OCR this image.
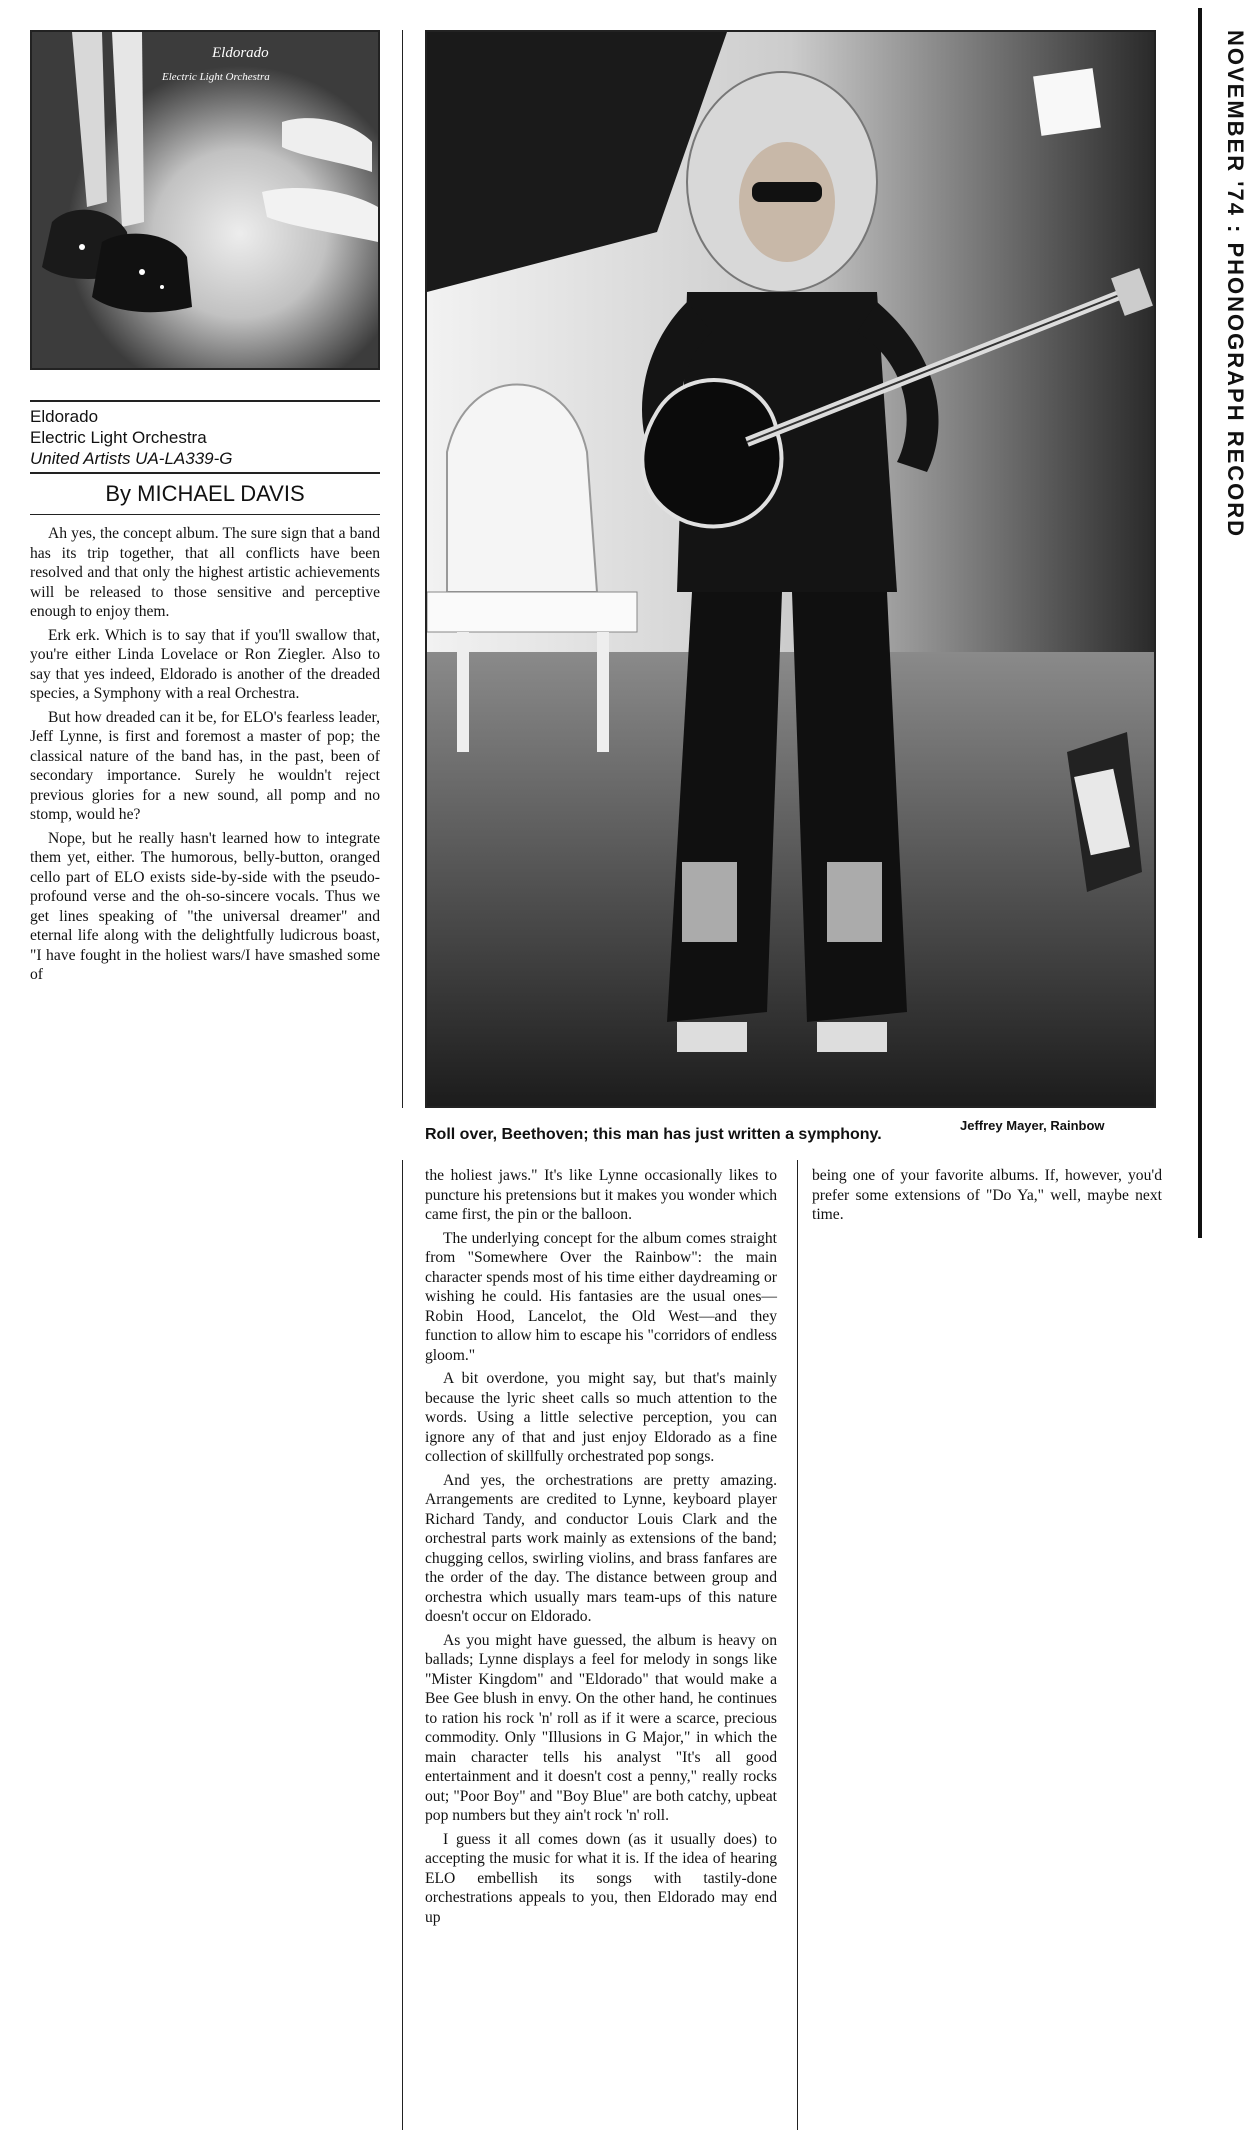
Eldorado
Electric Light Orchestra
Eldorado
Electric Light Orchestra
United Artists UA-LA339-G
By MICHAEL DAVIS

Ah yes, the concept album. The sure sign that a band has its trip together, that all conflicts have been resolved and that only the highest artistic achievements will be released to those sensitive and perceptive enough to enjoy them.

Erk erk. Which is to say that if you'll swallow that, you're either Linda Lovelace or Ron Ziegler. Also to say that yes indeed, Eldorado is another of the dreaded species, a Symphony with a real Orchestra.

But how dreaded can it be, for ELO's fearless leader, Jeff Lynne, is first and foremost a master of pop; the classical nature of the band has, in the past, been of secondary importance. Surely he wouldn't reject previous glories for a new sound, all pomp and no stomp, would he?

Nope, but he really hasn't learned how to integrate them yet, either. The humorous, belly-button, oranged cello part of ELO exists side-by-side with the pseudo-profound verse and the oh-so-sincere vocals. Thus we get lines speaking of "the universal dreamer" and eternal life along with the delightfully ludicrous boast, "I have fought in the holiest wars/I have smashed some of

Roll over, Beethoven; this man has just written a symphony.
Jeffrey Mayer, Rainbow

the holiest jaws." It's like Lynne occasionally likes to puncture his pretensions but it makes you wonder which came first, the pin or the balloon.

The underlying concept for the album comes straight from "Somewhere Over the Rainbow": the main character spends most of his time either daydreaming or wishing he could. His fantasies are the usual ones—Robin Hood, Lancelot, the Old West—and they function to allow him to escape his "corridors of endless gloom."

A bit overdone, you might say, but that's mainly because the lyric sheet calls so much attention to the words. Using a little selective perception, you can ignore any of that and just enjoy Eldorado as a fine collection of skillfully orchestrated pop songs.

And yes, the orchestrations are pretty amazing. Arrangements are credited to Lynne, keyboard player Richard Tandy, and conductor Louis Clark and the orchestral parts work mainly as extensions of the band; chugging cellos, swirling violins, and brass fanfares are the order of the day. The distance between group and orchestra which usually mars team-ups of this nature doesn't occur on Eldorado.

As you might have guessed, the album is heavy on ballads; Lynne displays a feel for melody in songs like "Mister Kingdom" and "Eldorado" that would make a Bee Gee blush in envy. On the other hand, he continues to ration his rock 'n' roll as if it were a scarce, precious commodity. Only "Illusions in G Major," in which the main character tells his analyst "It's all good entertainment and it doesn't cost a penny," really rocks out; "Poor Boy" and "Boy Blue" are both catchy, upbeat pop numbers but they ain't rock 'n' roll.

I guess it all comes down (as it usually does) to accepting the music for what it is. If the idea of hearing ELO embellish its songs with tastily-done orchestrations appeals to you, then Eldorado may end up

being one of your favorite albums. If, however, you'd prefer some extensions of "Do Ya," well, maybe next time.

NOVEMBER '74 : PHONOGRAPH RECORD
